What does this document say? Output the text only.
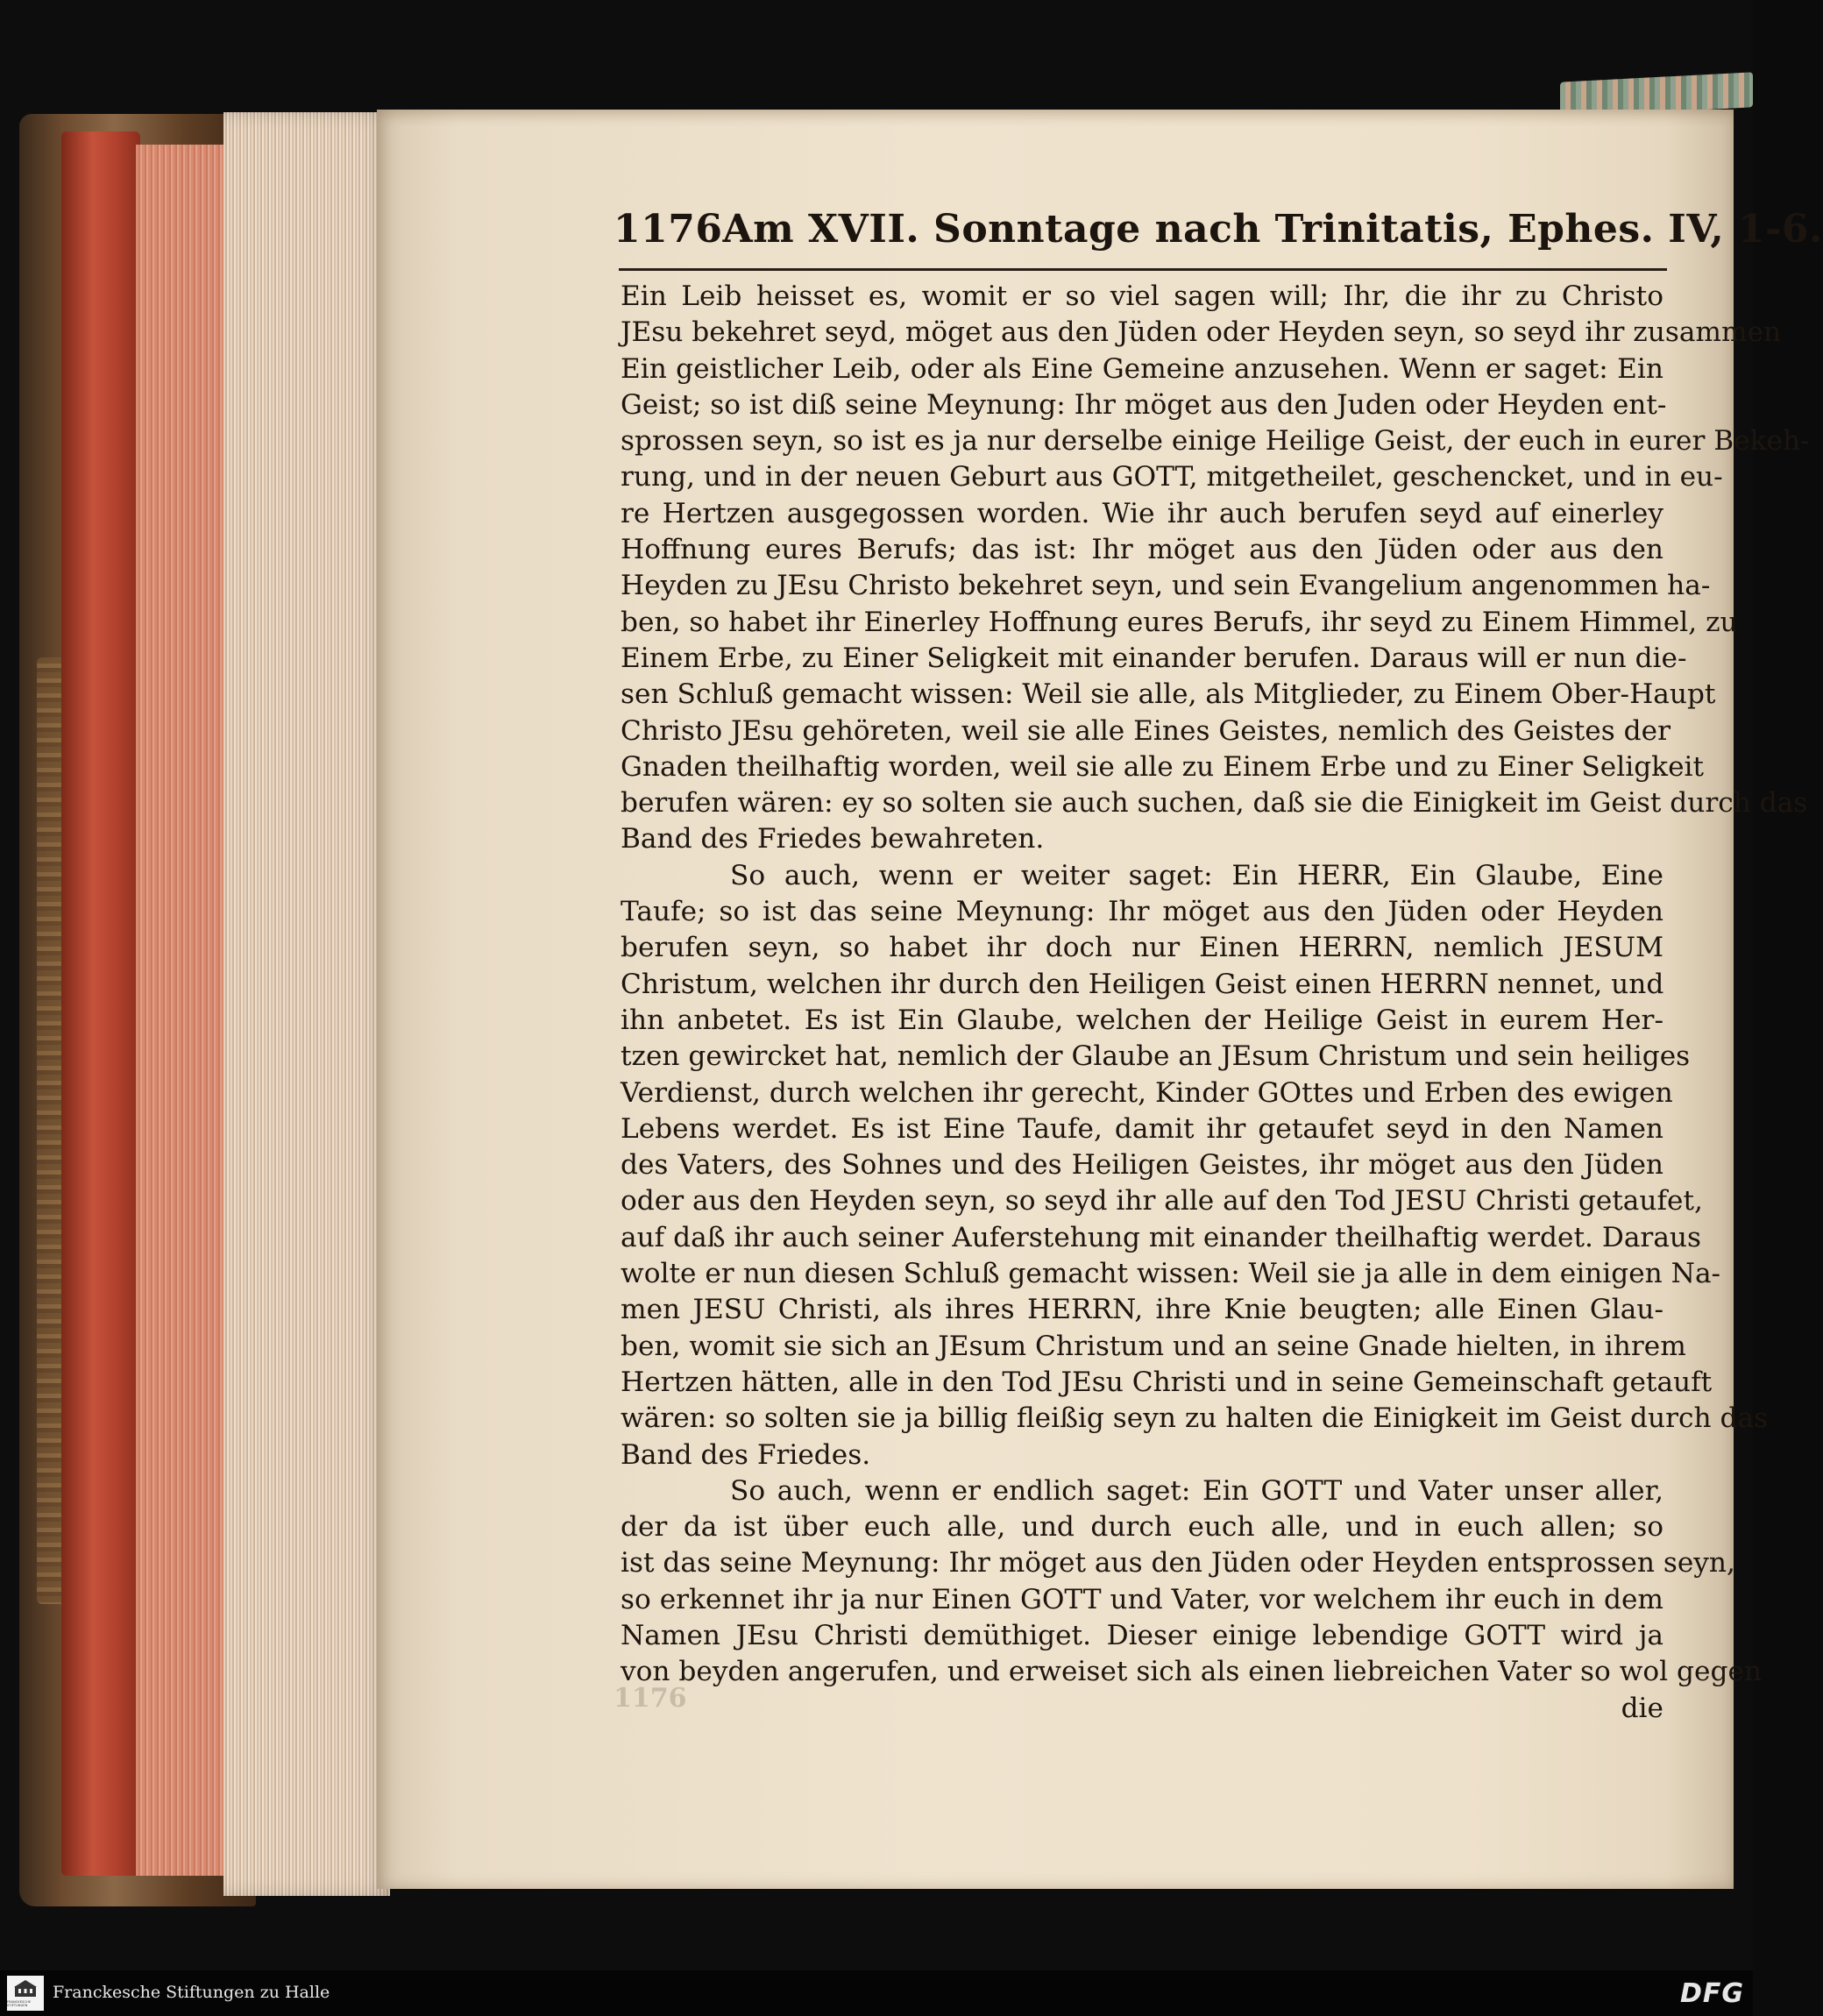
1176 Am XVII. Sonntage nach Trinitatis, Ephes. IV, 1-6.
Ein Leib heisset es, womit er so viel sagen will; Ihr, die ihr zu Christo
JEsu bekehret seyd, möget aus den Jüden oder Heyden seyn, so seyd ihr zusammen
Ein geistlicher Leib, oder als Eine Gemeine anzusehen. Wenn er saget: Ein
Geist; so ist diß seine Meynung: Ihr möget aus den Juden oder Heyden ent-
sprossen seyn, so ist es ja nur derselbe einige Heilige Geist, der euch in eurer Bekeh-
rung, und in der neuen Geburt aus GOTT, mitgetheilet, geschencket, und in eu-
re Hertzen ausgegossen worden. Wie ihr auch berufen seyd auf einerley
Hoffnung eures Berufs; das ist: Ihr möget aus den Jüden oder aus den
Heyden zu JEsu Christo bekehret seyn, und sein Evangelium angenommen ha-
ben, so habet ihr Einerley Hoffnung eures Berufs, ihr seyd zu Einem Himmel, zu
Einem Erbe, zu Einer Seligkeit mit einander berufen. Daraus will er nun die-
sen Schluß gemacht wissen: Weil sie alle, als Mitglieder, zu Einem Ober-Haupt
Christo JEsu gehöreten, weil sie alle Eines Geistes, nemlich des Geistes der
Gnaden theilhaftig worden, weil sie alle zu Einem Erbe und zu Einer Seligkeit
berufen wären: ey so solten sie auch suchen, daß sie die Einigkeit im Geist durch das
Band des Friedes bewahreten.
So auch, wenn er weiter saget: Ein HERR, Ein Glaube, Eine
Taufe; so ist das seine Meynung: Ihr möget aus den Jüden oder Heyden
berufen seyn, so habet ihr doch nur Einen HERRN, nemlich JESUM
Christum, welchen ihr durch den Heiligen Geist einen HERRN nennet, und
ihn anbetet. Es ist Ein Glaube, welchen der Heilige Geist in eurem Her-
tzen gewircket hat, nemlich der Glaube an JEsum Christum und sein heiliges
Verdienst, durch welchen ihr gerecht, Kinder GOttes und Erben des ewigen
Lebens werdet. Es ist Eine Taufe, damit ihr getaufet seyd in den Namen
des Vaters, des Sohnes und des Heiligen Geistes, ihr möget aus den Jüden
oder aus den Heyden seyn, so seyd ihr alle auf den Tod JESU Christi getaufet,
auf daß ihr auch seiner Auferstehung mit einander theilhaftig werdet. Daraus
wolte er nun diesen Schluß gemacht wissen: Weil sie ja alle in dem einigen Na-
men JESU Christi, als ihres HERRN, ihre Knie beugten; alle Einen Glau-
ben, womit sie sich an JEsum Christum und an seine Gnade hielten, in ihrem
Hertzen hätten, alle in den Tod JEsu Christi und in seine Gemeinschaft getauft
wären: so solten sie ja billig fleißig seyn zu halten die Einigkeit im Geist durch das
Band des Friedes.
So auch, wenn er endlich saget: Ein GOTT und Vater unser aller,
der da ist über euch alle, und durch euch alle, und in euch allen; so
ist das seine Meynung: Ihr möget aus den Jüden oder Heyden entsprossen seyn,
so erkennet ihr ja nur Einen GOTT und Vater, vor welchem ihr euch in dem
Namen JEsu Christi demüthiget. Dieser einige lebendige GOTT wird ja
von beyden angerufen, und erweiset sich als einen liebreichen Vater so wol gegen
die
1176
FRANCKESCHE STIFTUNGEN
Franckesche Stiftungen zu Halle	DFG
